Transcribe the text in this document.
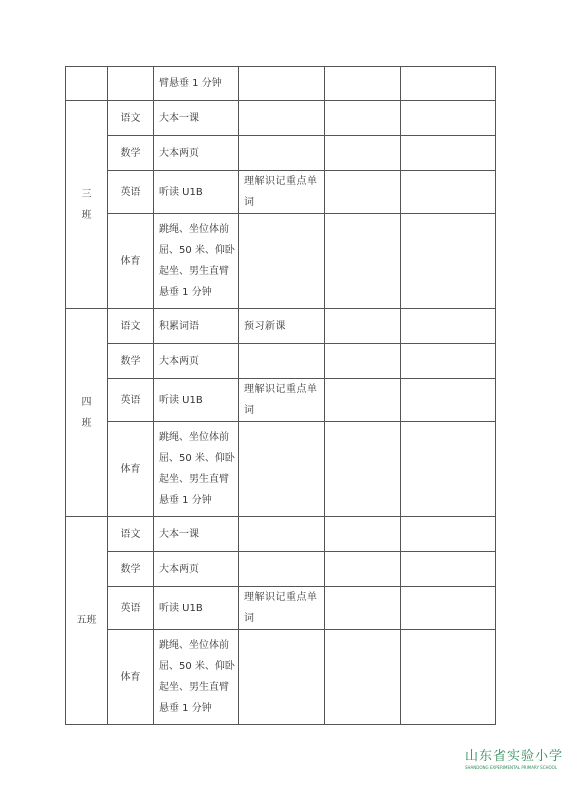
		臂悬垂 1 分钟			
三班	语文	大本一课			
	数学	大本两页			
	英语	听读 U1B	理解识记重点单词		
	体育	跳绳、坐位体前屈、50 米、仰卧起坐、男生直臂悬垂 1 分钟			
四班	语文	积累词语	预习新课		
	数学	大本两页			
	英语	听读 U1B	理解识记重点单词		
	体育	跳绳、坐位体前屈、50 米、仰卧起坐、男生直臂悬垂 1 分钟			
五班	语文	大本一课			
	数学	大本两页			
	英语	听读 U1B	理解识记重点单词		
	体育	跳绳、坐位体前屈、50 米、仰卧起坐、男生直臂悬垂 1 分钟			
山东省实验小学
SHANDONG EXPERIMENTAL PRIMARY SCHOOL
